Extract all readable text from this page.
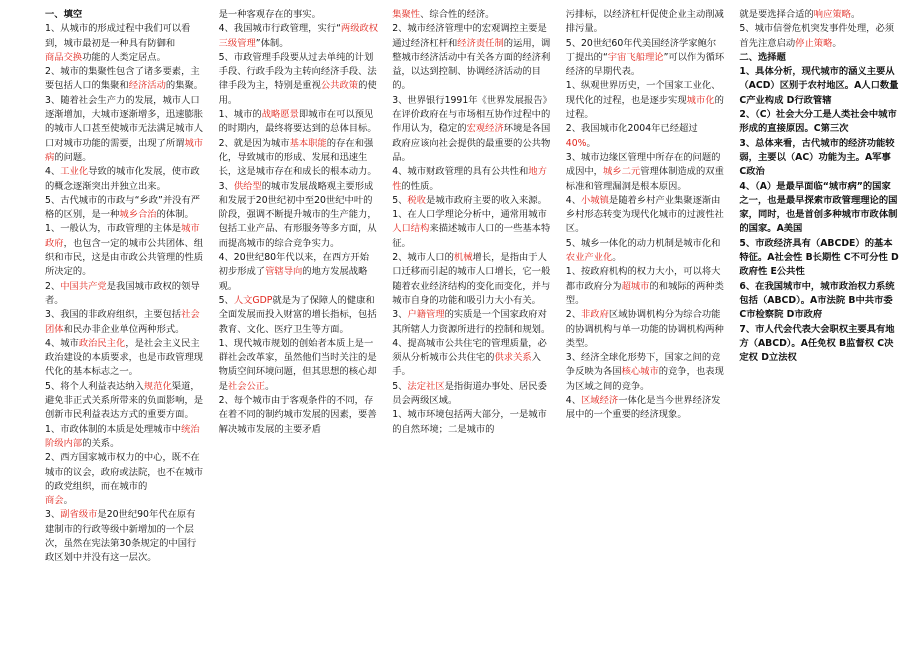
一、填空

1、从城市的形成过程中我们可以看到，城市最初是一种具有防御和

商品交换功能的人类定居点。

2、城市的集聚性包含了诸多要素，主要包括人口的集聚和经济活动的集聚。

3、随着社会生产力的发展，城市人口逐渐增加，大城市逐渐增多，迅速膨胀的城市人口甚至使城市无法满足城市人口对城市功能的需要，出现了所谓城市病的问题。

4、工业化导致的城市化发展，使市政的概念逐渐突出并独立出来。

5、古代城市的市政与“乡政”并没有严格的区别，是一种城乡合治的体制。

1、一般认为，市政管理的主体是城市政府，也包含一定的城市公共团体、组织和市民，这是由市政公共管理的性质所决定的。

2、中国共产党是我国城市政权的领导者。

3、我国的非政府组织，主要包括社会团体和民办非企业单位两种形式。

4、城市政治民主化，是社会主义民主政治建设的本质要求，也是市政管理现代化的基本标志之一。

5、将个人利益表达纳入规范化渠道，避免非正式关系所带来的负面影响，是创新市民利益表达方式的重要方面。

1、市政体制的本质是处理城市中统治阶级内部的关系。

2、西方国家城市权力的中心，既不在城市的议会，政府或法院，也不在城市的政党组织，而在城市的

商会。

3、副省级市是20世纪90年代在原有建制市的行政等级中新增加的一个层次，虽然在宪法第30条规定的中国行政区划中并没有这一层次。

是一种客观存在的事实。

4、我国城市行政管理，实行“两级政权三级管理”体制。

5、市政管理手段要从过去单纯的计划手段、行政手段为主转向经济手段、法律手段为主，特别是重视公共政策的使用。

1、城市的战略愿景即城市在可以预见的时期内，最终将要达到的总体目标。

2、就是因为城市基本职能的存在和强化，导致城市的形成、发展和迅速生长，这是城市存在和成长的根本动力。

3、供给型的城市发展战略观主要形成和发展于20世纪初中至20世纪中叶的阶段，强调不断提升城市的生产能力，包括工业产品、有形服务等多方面，从而提高城市的综合竞争实力。

4、20世纪80年代以来，在西方开始初步形成了管辖导向的地方发展战略观。

5、人文GDP就是为了保障人的健康和全面发展而投入财富的增长指标，包括教育、文化、医疗卫生等方面。

1、现代城市规划的创始者本质上是一群社会改革家，虽然他们当时关注的是物质空间环境问题，但其思想的核心却是社会公正。

2、每个城市由于客观条件的不同，存在着不同的制约城市发展的因素，要善解决城市发展的主要矛盾

集聚性、综合性的经济。

2、城市经济管理中的宏观调控主要是通过经济杠杆和经济责任制的运用，调整城市经济活动中有关各方面的经济利益，以达到控制、协调经济活动的目的。

3、世界银行1991年《世界发展报告》在评价政府在与市场相互协作过程中的作用认为，稳定的宏观经济环境是各国政府应该向社会提供的最重要的公共物品。

4、城市财政管理的具有公共性和地方性的性质。

5、税收是城市政府主要的收入来源。

1、在人口学理论分析中，通常用城市人口结构来描述城市人口的一些基本特征。

2、城市人口的机械增长，是指由于人口迁移而引起的城市人口增长，它一般随着农业经济结构的变化而变化，并与城市自身的功能和吸引力大小有关。

3、户籍管理的实质是一个国家政府对其所辖人力资源所进行的控制和规划。

4、提高城市公共住宅的管理质量，必须从分析城市公共住宅的供求关系入手。

5、法定社区是指街道办事处、居民委员会两级区域。

1、城市环境包括两大部分，一是城市的自然环境；二是城市的

污排标，以经济杠杆促使企业主动削减排污量。

5、20世纪60年代美国经济学家鲍尔丁提出的“宇宙飞船理论”可以作为循环经济的早期代表。

1、纵观世界历史，一个国家工业化、现代化的过程，也是逐步实现城市化的过程。

2、我国城市化2004年已经超过40%。

3、城市边缘区管理中所存在的问题的成因中，城乡二元管理体制造成的双重标准和管理漏洞是根本原因。

4、小城镇是随着乡村产业集聚逐渐由乡村形态转变为现代化城市的过渡性社区。

5、城乡一体化的动力机制是城市化和农业产业化。

1、按政府机构的权力大小，可以将大都市政府分为超城市的和城际的两种类型。

2、非政府区域协调机构分为综合功能的协调机构与单一功能的协调机构两种类型。

3、经济全球化形势下，国家之间的竞争反映为各国核心城市的竞争，也表现为区域之间的竞争。

4、区域经济一体化是当今世界经济发展中的一个重要的经济现象。

就是要选择合适的响应策略。

5、城市信誉危机突发事件处理，必须首先注意启动停止策略。

二、选择题

1、具体分析，现代城市的涵义主要从（ACD）区别于农村地区。A人口数量 C产业构成 D行政管辖

2、（C）社会大分工是人类社会中城市形成的直接原因。C第三次

3、总体来看，古代城市的经济功能较弱，主要以（AC）功能为主。A军事 C政治

4、（A）是最早面临“城市病”的国家之一，也是最早探索市政管理理论的国家，同时，也是首创多种城市市政体制的国家。A美国

5、市政经济具有（ABCDE）的基本特征。A社会性 B长期性 C不可分性 D政府性 E公共性

6、在我国城市中，城市政治权力系统包括（ABCD）。A市法院 B中共市委 C市检察院 D市政府

7、市人代会代表大会职权主要具有地方（ABCD）。A任免权 B监督权 C决定权 D立法权
